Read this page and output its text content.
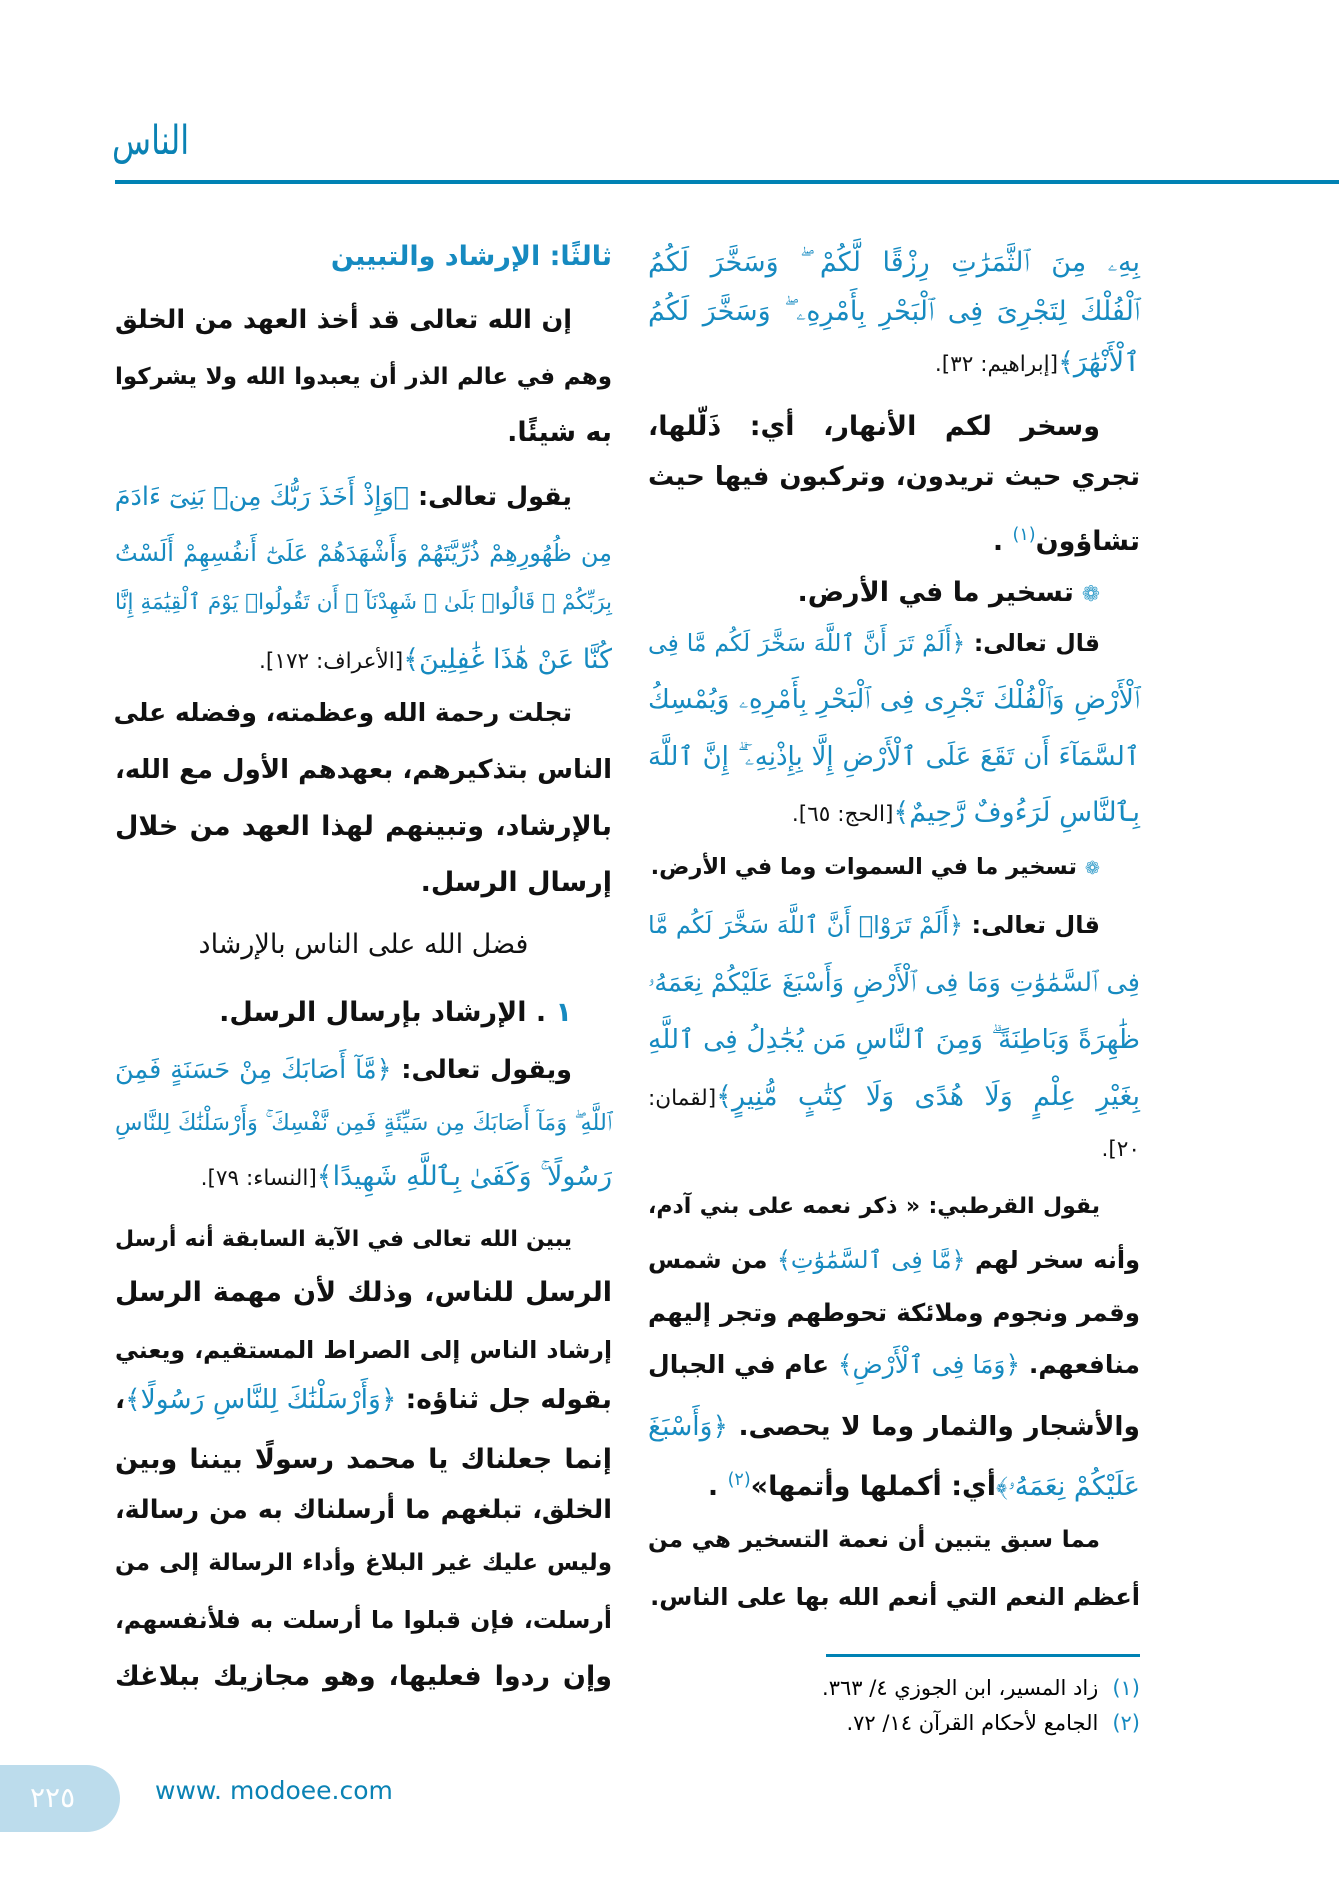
الناس
بِهِۦ مِنَ ٱلثَّمَرَٰتِ رِزْقًا لَّكُمْ ۖ وَسَخَّرَ لَكُمُ
ٱلْفُلْكَ لِتَجْرِىَ فِى ٱلْبَحْرِ بِأَمْرِهِۦ ۖ وَسَخَّرَ لَكُمُ
ٱلْأَنْهَٰرَ﴾[إبراهيم: ٣٢].
وسخر لكم الأنهار، أي: ذَلّلها،
تجري حيث تريدون، وتركبون فيها حيث
تشاؤون$^{(١)}$ .
❁تسخير ما في الأرض.
قال تعالى: ﴿أَلَمْ تَرَ أَنَّ ٱللَّهَ سَخَّرَ لَكُم مَّا فِى
ٱلْأَرْضِ وَٱلْفُلْكَ تَجْرِى فِى ٱلْبَحْرِ بِأَمْرِهِۦ وَيُمْسِكُ
ٱلسَّمَآءَ أَن تَقَعَ عَلَى ٱلْأَرْضِ إِلَّا بِإِذْنِهِۦٓ ۗ إِنَّ ٱللَّهَ
بِٱلنَّاسِ لَرَءُوفٌ رَّحِيمٌ﴾[الحج: ٦٥].
❁تسخير ما في السموات وما في الأرض.
قال تعالى: ﴿أَلَمْ تَرَوْا۟ أَنَّ ٱللَّهَ سَخَّرَ لَكُم مَّا
فِى ٱلسَّمَٰوَٰتِ وَمَا فِى ٱلْأَرْضِ وَأَسْبَغَ عَلَيْكُمْ نِعَمَهُۥ
ظَٰهِرَةً وَبَاطِنَةً ۗ وَمِنَ ٱلنَّاسِ مَن يُجَٰدِلُ فِى ٱللَّهِ
بِغَيْرِ عِلْمٍ وَلَا هُدًى وَلَا كِتَٰبٍ مُّنِيرٍ﴾[لقمان:
٢٠].
يقول القرطبي: « ذكر نعمه على بني آدم،
وأنه سخر لهم ﴿مَّا فِى ٱلسَّمَٰوَٰتِ﴾ من شمس
وقمر ونجوم وملائكة تحوطهم وتجر إليهم
منافعهم. ﴿وَمَا فِى ٱلْأَرْضِ﴾ عام في الجبال
والأشجار والثمار وما لا يحصى. ﴿وَأَسْبَغَ
عَلَيْكُمْ نِعَمَهُۥ﴾أي: أكملها وأتمها»$^{(٢)}$ .
مما سبق يتبين أن نعمة التسخير هي من
أعظم النعم التي أنعم الله بها على الناس.
ثالثًا: الإرشاد والتبيين
إن الله تعالى قد أخذ العهد من الخلق
وهم في عالم الذر أن يعبدوا الله ولا يشركوا
به شيئًا.
يقول تعالى: ﴿وَإِذْ أَخَذَ رَبُّكَ مِنۢ بَنِىٓ ءَادَمَ
مِن ظُهُورِهِمْ ذُرِّيَّتَهُمْ وَأَشْهَدَهُمْ عَلَىٰٓ أَنفُسِهِمْ أَلَسْتُ
بِرَبِّكُمْ ۖ قَالُوا۟ بَلَىٰ ۛ شَهِدْنَآ ۛ أَن تَقُولُوا۟ يَوْمَ ٱلْقِيَٰمَةِ إِنَّا
كُنَّا عَنْ هَٰذَا غَٰفِلِينَ﴾[الأعراف: ١٧٢].
تجلت رحمة الله وعظمته، وفضله على
الناس بتذكيرهم، بعهدهم الأول مع الله،
بالإرشاد، وتبينهم لهذا العهد من خلال
إرسال الرسل.
فضل الله على الناس بالإرشاد
١ . الإرشاد بإرسال الرسل.
ويقول تعالى: ﴿مَّآ أَصَابَكَ مِنْ حَسَنَةٍ فَمِنَ
ٱللَّهِ ۖ وَمَآ أَصَابَكَ مِن سَيِّئَةٍ فَمِن نَّفْسِكَ ۚ وَأَرْسَلْنَٰكَ لِلنَّاسِ
رَسُولًا ۚ وَكَفَىٰ بِٱللَّهِ شَهِيدًا﴾[النساء: ٧٩].
يبين الله تعالى في الآية السابقة أنه أرسل
الرسل للناس، وذلك لأن مهمة الرسل
إرشاد الناس إلى الصراط المستقيم، ويعني
بقوله جل ثناؤه: ﴿وَأَرْسَلْنَٰكَ لِلنَّاسِ رَسُولًا﴾،
إنما جعلناك يا محمد رسولًا بيننا وبين
الخلق، تبلغهم ما أرسلناك به من رسالة،
وليس عليك غير البلاغ وأداء الرسالة إلى من
أرسلت، فإن قبلوا ما أرسلت به فلأنفسهم،
وإن ردوا فعليها، وهو مجازيك ببلاغك	(١)زاد المسير، ابن الجوزي ٤/ ٣٦٣.
(٢)الجامع لأحكام القرآن ١٤/ ٧٢.
٢٢٥	www. modoee.com
